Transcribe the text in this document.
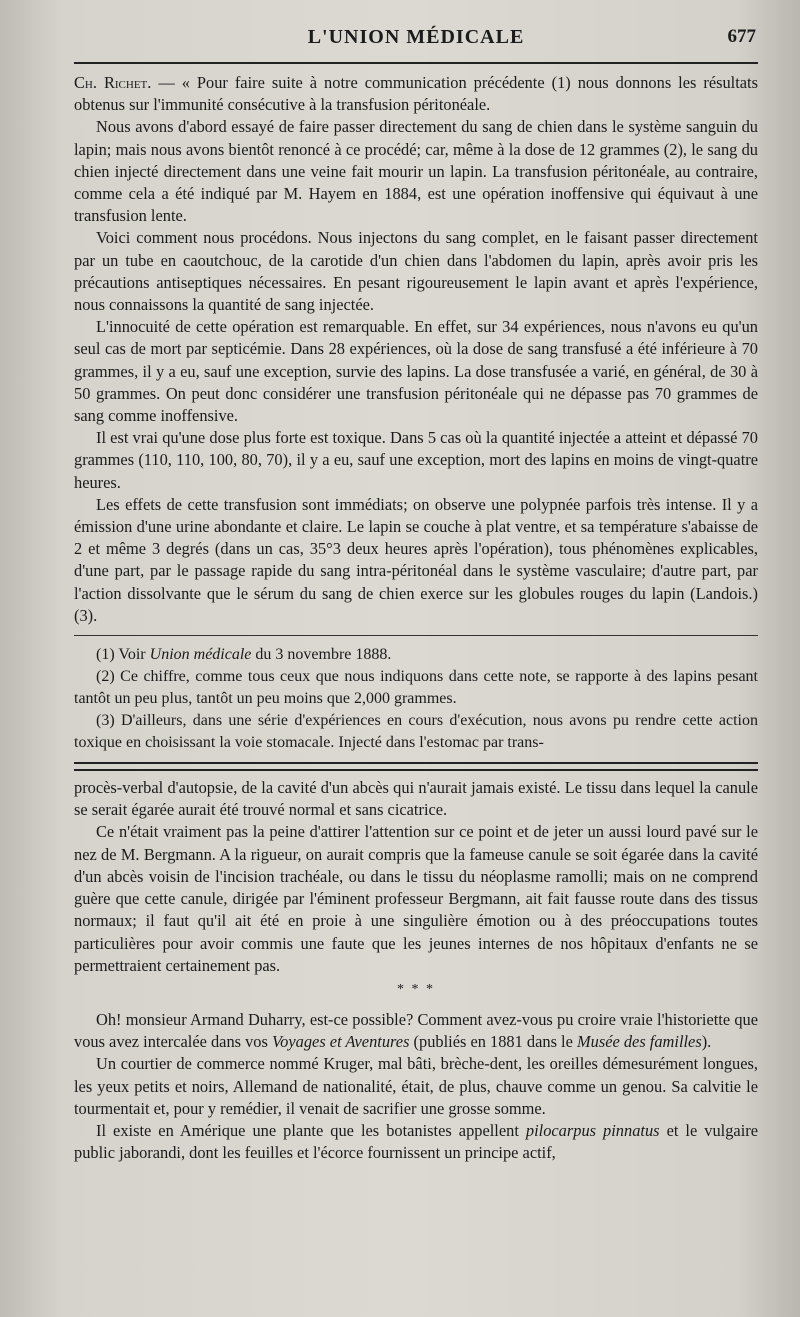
L'UNION MÉDICALE	677

Ch. Richet. — « Pour faire suite à notre communication précédente (1) nous donnons les résultats obtenus sur l'immunité consécutive à la transfusion péritonéale.

Nous avons d'abord essayé de faire passer directement du sang de chien dans le système sanguin du lapin; mais nous avons bientôt renoncé à ce procédé; car, même à la dose de 12 grammes (2), le sang du chien injecté directement dans une veine fait mourir un lapin. La transfusion péritonéale, au contraire, comme cela a été indiqué par M. Hayem en 1884, est une opération inoffensive qui équivaut à une transfusion lente.

Voici comment nous procédons. Nous injectons du sang complet, en le faisant passer directement par un tube en caoutchouc, de la carotide d'un chien dans l'abdomen du lapin, après avoir pris les précautions antiseptiques nécessaires. En pesant rigoureusement le lapin avant et après l'expérience, nous connaissons la quantité de sang injectée.

L'innocuité de cette opération est remarquable. En effet, sur 34 expériences, nous n'avons eu qu'un seul cas de mort par septicémie. Dans 28 expériences, où la dose de sang transfusé a été inférieure à 70 grammes, il y a eu, sauf une exception, survie des lapins. La dose transfusée a varié, en général, de 30 à 50 grammes. On peut donc considérer une transfusion péritonéale qui ne dépasse pas 70 grammes de sang comme inoffensive.

Il est vrai qu'une dose plus forte est toxique. Dans 5 cas où la quantité injectée a atteint et dépassé 70 grammes (110, 110, 100, 80, 70), il y a eu, sauf une exception, mort des lapins en moins de vingt-quatre heures.

Les effets de cette transfusion sont immédiats; on observe une polypnée parfois très intense. Il y a émission d'une urine abondante et claire. Le lapin se couche à plat ventre, et sa température s'abaisse de 2 et même 3 degrés (dans un cas, 35°3 deux heures après l'opération), tous phénomènes explicables, d'une part, par le passage rapide du sang intra-péritonéal dans le système vasculaire; d'autre part, par l'action dissolvante que le sérum du sang de chien exerce sur les globules rouges du lapin (Landois.) (3).

(1) Voir Union médicale du 3 novembre 1888.

(2) Ce chiffre, comme tous ceux que nous indiquons dans cette note, se rapporte à des lapins pesant tantôt un peu plus, tantôt un peu moins que 2,000 grammes.

(3) D'ailleurs, dans une série d'expériences en cours d'exécution, nous avons pu rendre cette action toxique en choisissant la voie stomacale. Injecté dans l'estomac par trans-

procès-verbal d'autopsie, de la cavité d'un abcès qui n'aurait jamais existé. Le tissu dans lequel la canule se serait égarée aurait été trouvé normal et sans cicatrice.

Ce n'était vraiment pas la peine d'attirer l'attention sur ce point et de jeter un aussi lourd pavé sur le nez de M. Bergmann. A la rigueur, on aurait compris que la fameuse canule se soit égarée dans la cavité d'un abcès voisin de l'incision trachéale, ou dans le tissu du néoplasme ramolli; mais on ne comprend guère que cette canule, dirigée par l'éminent professeur Bergmann, ait fait fausse route dans des tissus normaux; il faut qu'il ait été en proie à une singulière émotion ou à des préoccupations toutes particulières pour avoir commis une faute que les jeunes internes de nos hôpitaux d'enfants ne se permettraient certainement pas.

* * *

Oh! monsieur Armand Duharry, est-ce possible? Comment avez-vous pu croire vraie l'historiette que vous avez intercalée dans vos Voyages et Aventures (publiés en 1881 dans le Musée des familles).

Un courtier de commerce nommé Kruger, mal bâti, brèche-dent, les oreilles démesurément longues, les yeux petits et noirs, Allemand de nationalité, était, de plus, chauve comme un genou. Sa calvitie le tourmentait et, pour y remédier, il venait de sacrifier une grosse somme.

Il existe en Amérique une plante que les botanistes appellent pilocarpus pinnatus et le vulgaire public jaborandi, dont les feuilles et l'écorce fournissent un principe actif,
